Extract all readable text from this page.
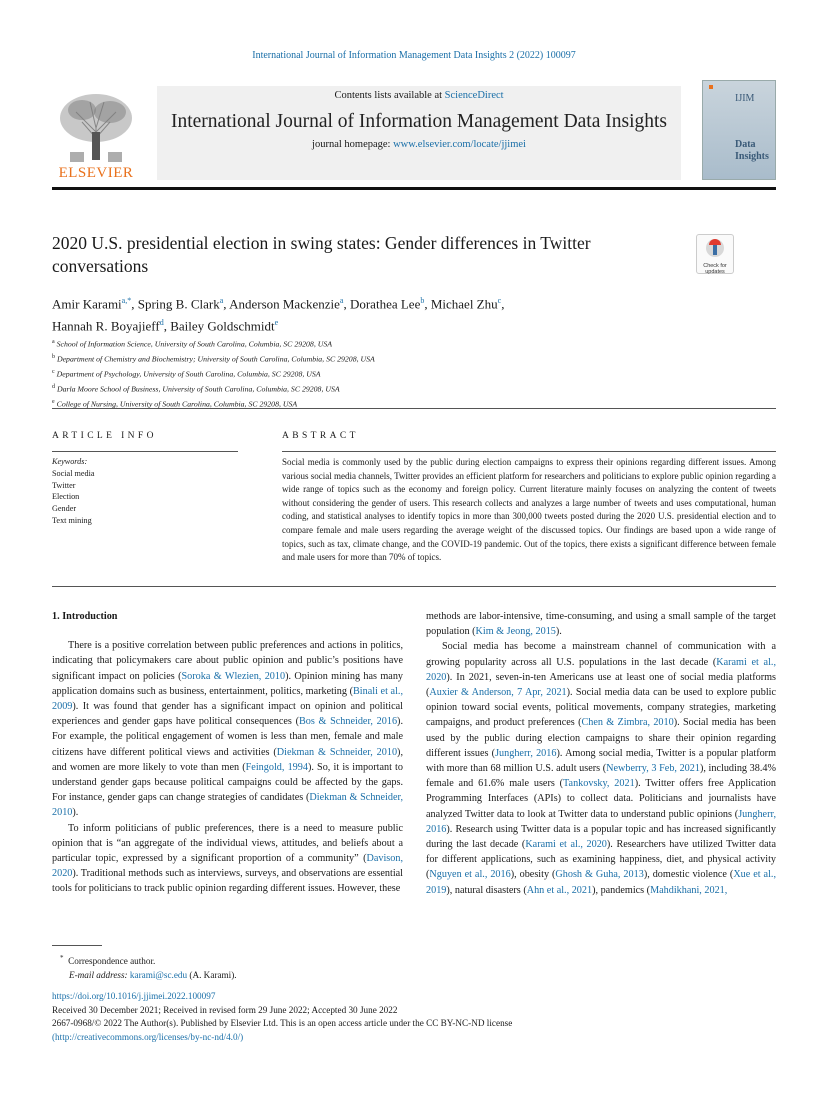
International Journal of Information Management Data Insights 2 (2022) 100097
ELSEVIER
Contents lists available at ScienceDirect
International Journal of Information Management Data Insights
journal homepage: www.elsevier.com/locate/jjimei
IJIM
Data
Insights
2020 U.S. presidential election in swing states: Gender differences in Twitter conversations	Check for
updates
Amir Karami$^{a,*}$, Spring B. Clark$^a$, Anderson Mackenzie$^a$, Dorathea Lee$^b$, Michael Zhu$^c$,
Hannah R. Boyajieff$^d$, Bailey Goldschmidt$^e$
$^a$ School of Information Science, University of South Carolina, Columbia, SC 29208, USA
$^b$ Department of Chemistry and Biochemistry; University of South Carolina, Columbia, SC 29208, USA
$^c$ Department of Psychology, University of South Carolina, Columbia, SC 29208, USA
$^d$ Darla Moore School of Business, University of South Carolina, Columbia, SC 29208, USA
$^e$ College of Nursing, University of South Carolina, Columbia, SC 29208, USA
ARTICLE INFO	ABSTRACT
Keywords:
Social media
Twitter
Election
Gender
Text mining
Social media is commonly used by the public during election campaigns to express their opinions regarding different issues. Among various social media channels, Twitter provides an efficient platform for researchers and politicians to explore public opinion regarding a wide range of topics such as the economy and foreign policy. Current literature mainly focuses on analyzing the content of tweets without considering the gender of users. This research collects and analyzes a large number of tweets and uses computational, human coding, and statistical analyses to identify topics in more than 300,000 tweets posted during the 2020 U.S. presidential election and to compare female and male users regarding the average weight of the discussed topics. Our findings are based upon a wide range of topics, such as tax, climate change, and the COVID-19 pandemic. Out of the topics, there exists a significant difference between female and male users for more than 70% of topics.
1. Introduction

There is a positive correlation between public preferences and actions in politics, indicating that policymakers care about public opinion and public’s positions have significant impact on policies (Soroka & Wlezien, 2010). Opinion mining has many application domains such as business, entertainment, politics, marketing (Binali et al., 2009). It was found that gender has a significant impact on opinion and political experiences and gender gaps have political consequences (Bos & Schneider, 2016). For example, the political engagement of women is less than men, female and male citizens have different political views and activities (Diekman & Schneider, 2010), and women are more likely to vote than men (Feingold, 1994). So, it is important to understand gender gaps because political campaigns could be affected by the gaps. For instance, gender gaps can change strategies of candidates (Diekman & Schneider, 2010).

To inform politicians of public preferences, there is a need to measure public opinion that is “an aggregate of the individual views, attitudes, and beliefs about a particular topic, expressed by a significant proportion of a community” (Davison, 2020). Traditional methods such as interviews, surveys, and observations are essential tools for politicians to track public opinion regarding different issues. However, these

methods are labor-intensive, time-consuming, and using a small sample of the target population (Kim & Jeong, 2015).

Social media has become a mainstream channel of communication with a growing popularity across all U.S. populations in the last decade (Karami et al., 2020). In 2021, seven-in-ten Americans use at least one of social media platforms (Auxier & Anderson, 7 Apr, 2021). Social media data can be used to explore public opinion toward social events, political movements, company strategies, marketing campaigns, and product preferences (Chen & Zimbra, 2010). Social media has been used by the public during election campaigns to share their opinion regarding different issues (Jungherr, 2016). Among social media, Twitter is a popular platform with more than 68 million U.S. adult users (Newberry, 3 Feb, 2021), including 38.4% female and 61.6% male users (Tankovsky, 2021). Twitter offers free Application Programming Interfaces (APIs) to collect data. Politicians and journalists have analyzed Twitter data to look at Twitter data to understand public opinions (Jungherr, 2016). Research using Twitter data is a popular topic and has increased significantly during the last decade (Karami et al., 2020). Researchers have utilized Twitter data for different applications, such as examining happiness, diet, and physical activity (Nguyen et al., 2016), obesity (Ghosh & Guha, 2013), domestic violence (Xue et al., 2019), natural disasters (Ahn et al., 2021), pandemics (Mahdikhani, 2021,

* Correspondence author.
E-mail address: karami@sc.edu (A. Karami).
https://doi.org/10.1016/j.jjimei.2022.100097
Received 30 December 2021; Received in revised form 29 June 2022; Accepted 30 June 2022
2667-0968/© 2022 The Author(s). Published by Elsevier Ltd. This is an open access article under the CC BY-NC-ND license
(http://creativecommons.org/licenses/by-nc-nd/4.0/)
